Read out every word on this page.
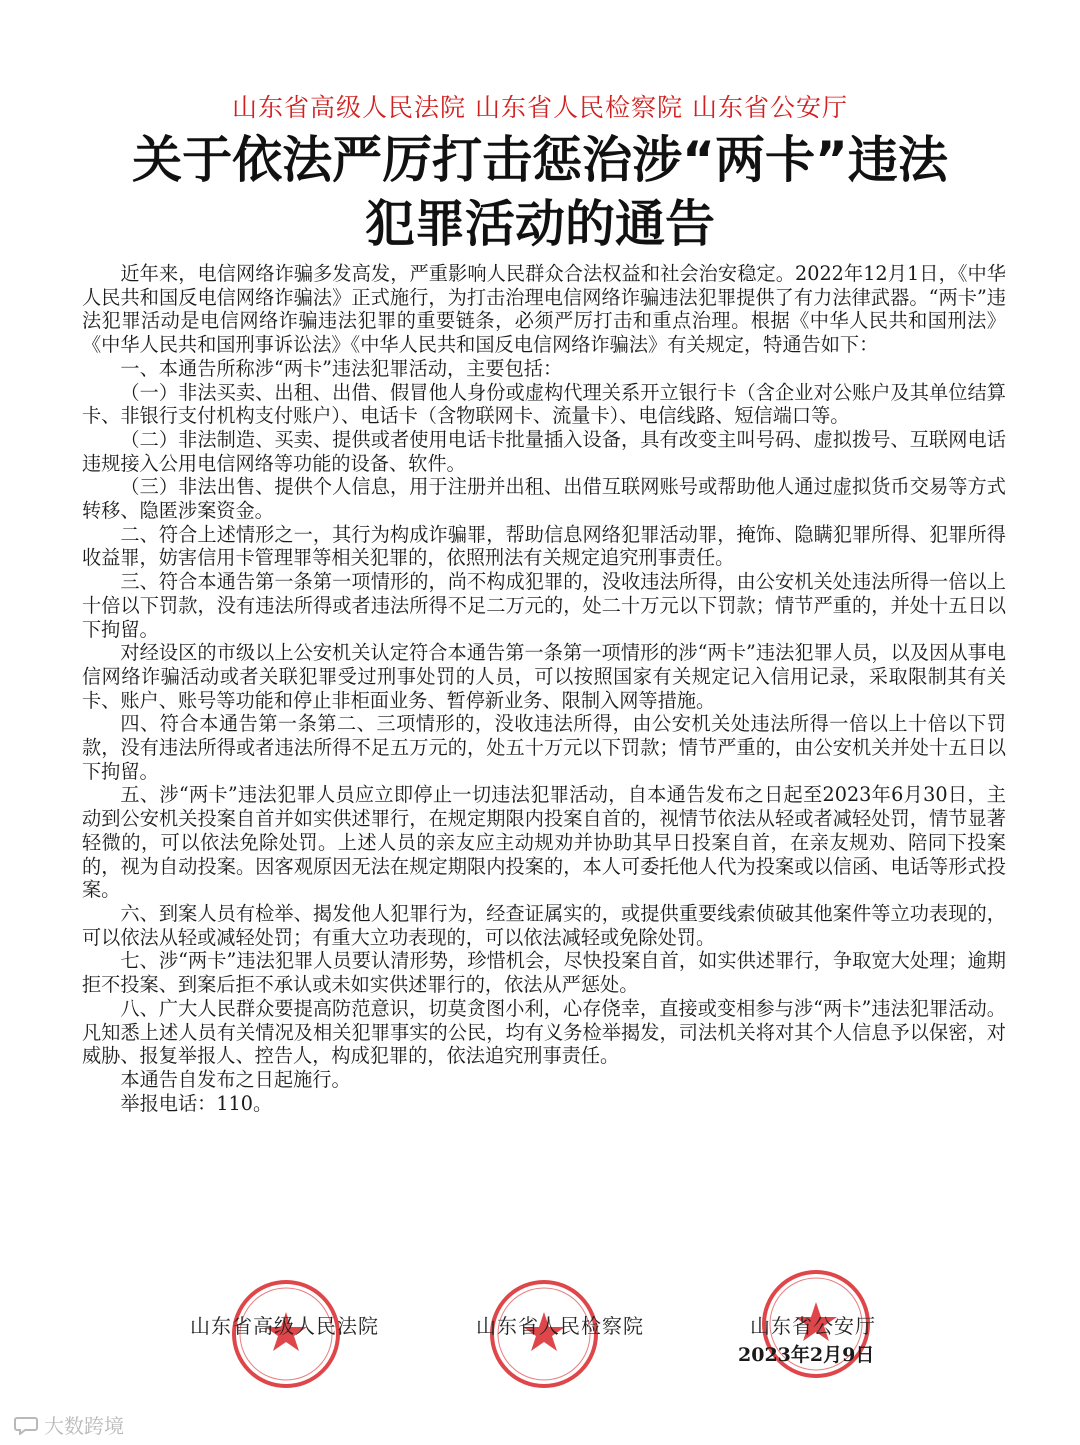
山东省高级人民法院 山东省人民检察院 山东省公安厅
关于依法严厉打击惩治涉“两卡”违法
犯罪活动的通告

近年来，电信网络诈骗多发高发，严重影响人民群众合法权益和社会治安稳定。2022年12月1日，《中华人民共和国反电信网络诈骗法》正式施行，为打击治理电信网络诈骗违法犯罪提供了有力法律武器。“两卡”违法犯罪活动是电信网络诈骗违法犯罪的重要链条，必须严厉打击和重点治理。根据《中华人民共和国刑法》《中华人民共和国刑事诉讼法》《中华人民共和国反电信网络诈骗法》有关规定，特通告如下：

一、本通告所称涉“两卡”违法犯罪活动，主要包括：

（一）非法买卖、出租、出借、假冒他人身份或虚构代理关系开立银行卡（含企业对公账户及其单位结算卡、非银行支付机构支付账户）、电话卡（含物联网卡、流量卡）、电信线路、短信端口等。

（二）非法制造、买卖、提供或者使用电话卡批量插入设备，具有改变主叫号码、虚拟拨号、互联网电话违规接入公用电信网络等功能的设备、软件。

（三）非法出售、提供个人信息，用于注册并出租、出借互联网账号或帮助他人通过虚拟货币交易等方式转移、隐匿涉案资金。

二、符合上述情形之一，其行为构成诈骗罪，帮助信息网络犯罪活动罪，掩饰、隐瞒犯罪所得、犯罪所得收益罪，妨害信用卡管理罪等相关犯罪的，依照刑法有关规定追究刑事责任。

三、符合本通告第一条第一项情形的，尚不构成犯罪的，没收违法所得，由公安机关处违法所得一倍以上十倍以下罚款，没有违法所得或者违法所得不足二万元的，处二十万元以下罚款；情节严重的，并处十五日以下拘留。

对经设区的市级以上公安机关认定符合本通告第一条第一项情形的涉“两卡”违法犯罪人员，以及因从事电信网络诈骗活动或者关联犯罪受过刑事处罚的人员，可以按照国家有关规定记入信用记录，采取限制其有关卡、账户、账号等功能和停止非柜面业务、暂停新业务、限制入网等措施。

四、符合本通告第一条第二、三项情形的，没收违法所得，由公安机关处违法所得一倍以上十倍以下罚款，没有违法所得或者违法所得不足五万元的，处五十万元以下罚款；情节严重的，由公安机关并处十五日以下拘留。

五、涉“两卡”违法犯罪人员应立即停止一切违法犯罪活动，自本通告发布之日起至2023年6月30日，主动到公安机关投案自首并如实供述罪行，在规定期限内投案自首的，视情节依法从轻或者减轻处罚，情节显著轻微的，可以依法免除处罚。上述人员的亲友应主动规劝并协助其早日投案自首，在亲友规劝、陪同下投案的，视为自动投案。因客观原因无法在规定期限内投案的，本人可委托他人代为投案或以信函、电话等形式投案。

六、到案人员有检举、揭发他人犯罪行为，经查证属实的，或提供重要线索侦破其他案件等立功表现的，可以依法从轻或减轻处罚；有重大立功表现的，可以依法减轻或免除处罚。

七、涉“两卡”违法犯罪人员要认清形势，珍惜机会，尽快投案自首，如实供述罪行，争取宽大处理；逾期拒不投案、到案后拒不承认或未如实供述罪行的，依法从严惩处。

八、广大人民群众要提高防范意识，切莫贪图小利，心存侥幸，直接或变相参与涉“两卡”违法犯罪活动。凡知悉上述人员有关情况及相关犯罪事实的公民，均有义务检举揭发，司法机关将对其个人信息予以保密，对威胁、报复举报人、控告人，构成犯罪的，依法追究刑事责任。

本通告自发布之日起施行。

举报电话：110。

山东省高级人民法院	山东省人民检察院	山东省公安厅
2023年2月9日
大数跨境
